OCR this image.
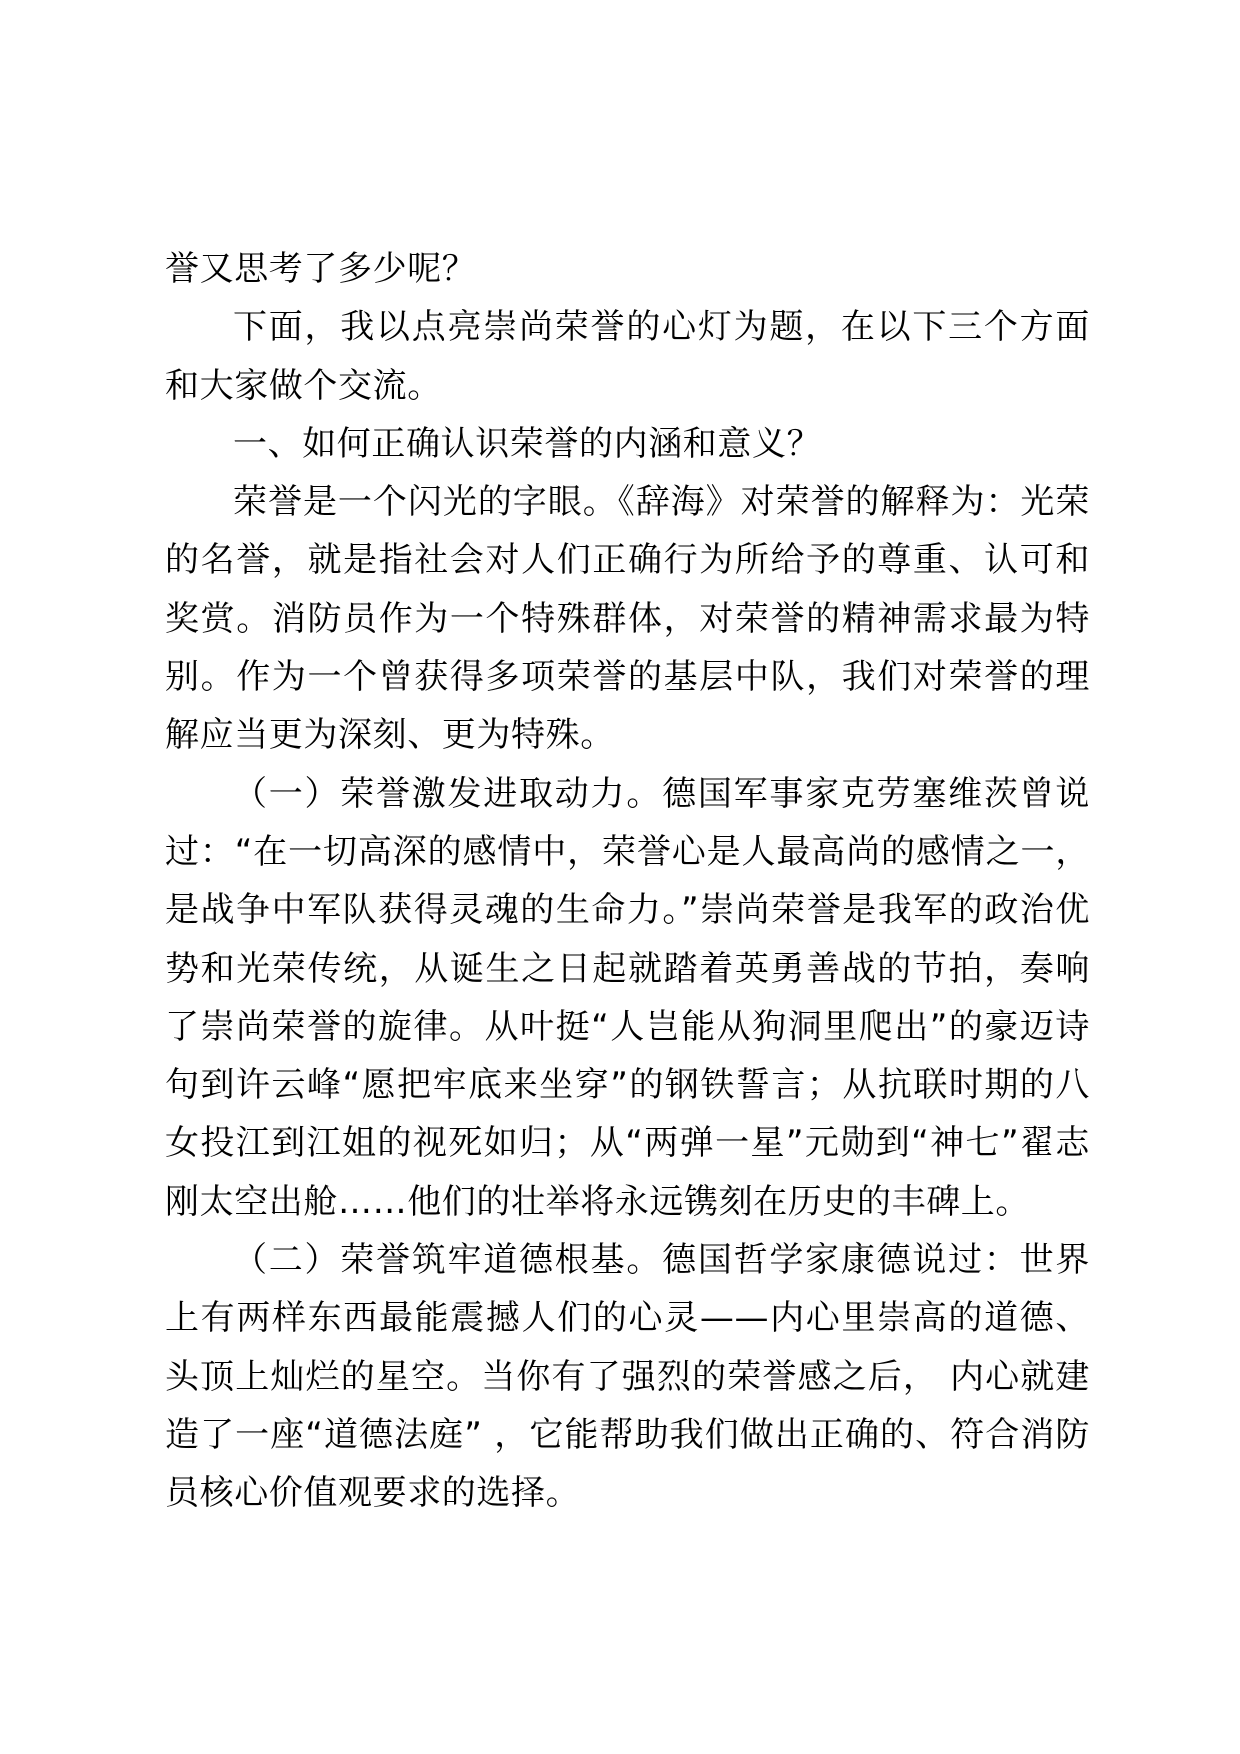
誉又思考了多少呢？

下面，我以点亮崇尚荣誉的心灯为题，在以下三个方面和大家做个交流。

一、如何正确认识荣誉的内涵和意义？

荣誉是一个闪光的字眼。《辞海》对荣誉的解释为：光荣的名誉，就是指社会对人们正确行为所给予的尊重、认可和奖赏。消防员作为一个特殊群体，对荣誉的精神需求最为特别。作为一个曾获得多项荣誉的基层中队，我们对荣誉的理解应当更为深刻、更为特殊。

（一）荣誉激发进取动力。德国军事家克劳塞维茨曾说过：“在一切高深的感情中，荣誉心是人最高尚的感情之一，是战争中军队获得灵魂的生命力。”崇尚荣誉是我军的政治优势和光荣传统，从诞生之日起就踏着英勇善战的节拍，奏响了崇尚荣誉的旋律。从叶挺“人岂能从狗洞里爬出”的豪迈诗句到许云峰“愿把牢底来坐穿”的钢铁誓言；从抗联时期的八女投江到江姐的视死如归；从“两弹一星”元勋到“神七”翟志刚太空出舱……他们的壮举将永远镌刻在历史的丰碑上。

（二）荣誉筑牢道德根基。德国哲学家康德说过：世界上有两样东西最能震撼人们的心灵——内心里崇高的道德、头顶上灿烂的星空。当你有了强烈的荣誉感之后， 内心就建造了一座“道德法庭” ，它能帮助我们做出正确的、符合消防员核心价值观要求的选择。
